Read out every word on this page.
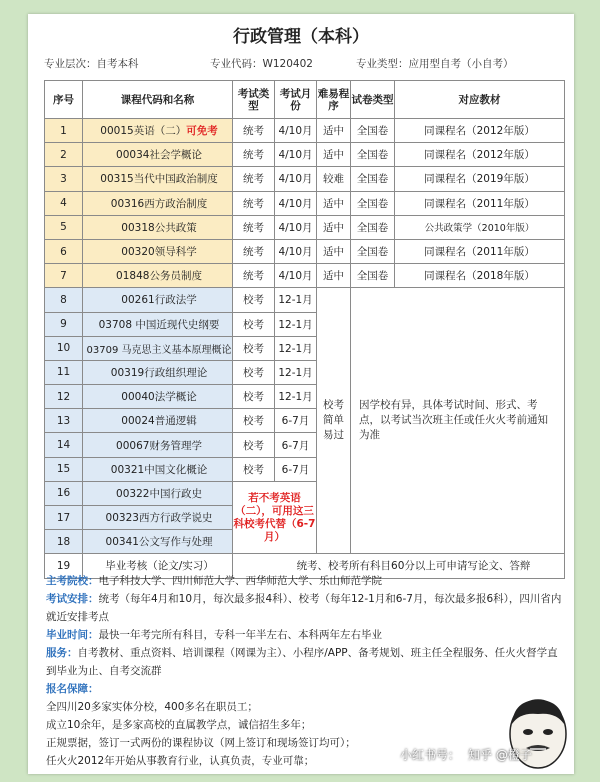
行政管理（本科）
专业层次：自考本科	专业代码：W120402	专业类型：应用型自考（小自考）
序号	课程代码和名称	考试类型	考试月份	难易程序	试卷类型	对应教材
1	00015英语（二）可免考	统考	4/10月	适中	全国卷	同课程名（2012年版）
2	00034社会学概论	统考	4/10月	适中	全国卷	同课程名（2012年版）
3	00315当代中国政治制度	统考	4/10月	较难	全国卷	同课程名（2019年版）
4	00316西方政治制度	统考	4/10月	适中	全国卷	同课程名（2011年版）
5	00318公共政策	统考	4/10月	适中	全国卷	公共政策学（2010年版）
6	00320领导科学	统考	4/10月	适中	全国卷	同课程名（2011年版）
7	01848公务员制度	统考	4/10月	适中	全国卷	同课程名（2018年版）
8	00261行政法学	校考	12-1月	校考简单易过	因学校有异，具体考试时间、形式、考点，以考试当次班主任或任火火考前通知为准	
9	03708 中国近现代史纲要	校考	12-1月			
10	03709 马克思主义基本原理概论	校考	12-1月			
11	00319行政组织理论	校考	12-1月			
12	00040法学概论	校考	12-1月			
13	00024普通逻辑	校考	6-7月			
14	00067财务管理学	校考	6-7月			
15	00321中国文化概论	校考	6-7月			
16	00322中国行政史	若不考英语（二），可用这三科校考代替（6-7月）				
17	00323西方行政学说史					
18	00341公文写作与处理					
19	毕业考核（论文/实习）	统考、校考所有科目60分以上可申请写论文、答辩				

主考院校：电子科技大学、四川师范大学、西华师范大学、乐山师范学院

考试安排：统考（每年4月和10月，每次最多报4科）、校考（每年12-1月和6-7月，每次最多报6科），四川省内就近安排考点

毕业时间：最快一年考完所有科目，专科一年半左右、本科两年左右毕业

服务：自考教材、重点资料、培训课程（网课为主）、小程序/APP、备考规划、班主任全程服务、任火火督学直到毕业为止、自考交流群

报名保障：

全四川20多家实体分校，400多名在职员工；

成立10余年，是多家高校的直属教学点，诚信招生多年；

正规票据，签订一式两份的课程协议（网上签订和现场签订均可）；

任火火2012年开始从事教育行业，认真负责，专业可靠；	小红书号： 知乎 @橙子
